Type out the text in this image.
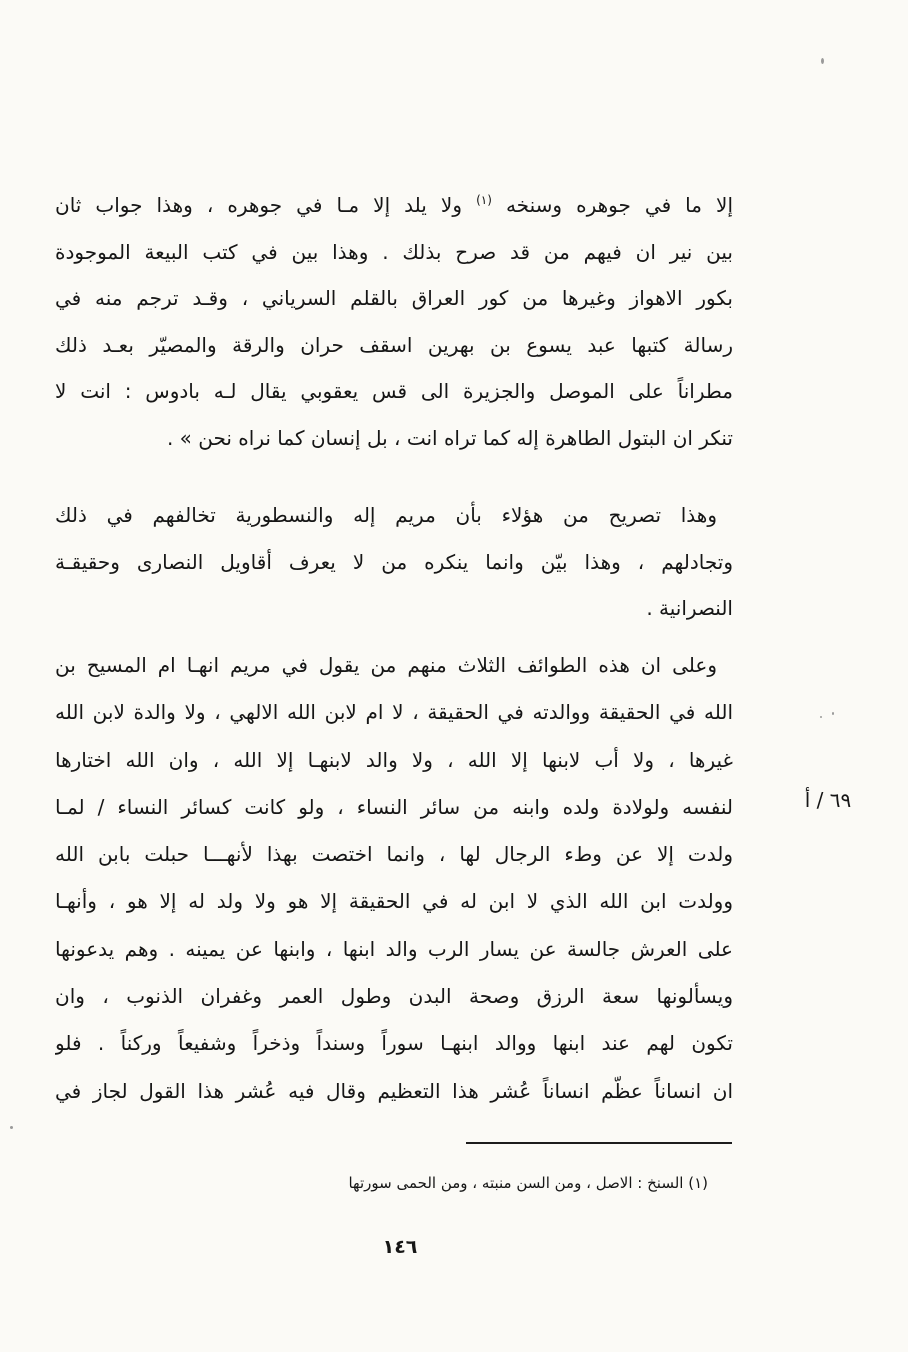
إلا ما في جوهره وسنخه $^{(١)}$ ولا يلد إلا مـا في جوهره ، وهذا جواب ثان
بين نير ان فيهم من قد صرح بذلك . وهذا بين في كتب البيعة الموجودة
بكور الاهواز وغيرها من كور العراق بالقلم السرياني ، وقـد ترجم منه في
رسالة كتبها عبد يسوع بن بهرين اسقف حران والرقة والمصيّر بعـد ذلك
مطراناً على الموصل والجزيرة الى قس يعقوبي يقال لـه بادوس : انت لا
تنكر ان البتول الطاهرة إله كما تراه انت ، بل إنسان كما نراه نحن » .
وهذا تصريح من هؤلاء بأن مريم إله والنسطورية تخالفهم في ذلك
وتجادلهم ، وهذا بيّن وانما ينكره من لا يعرف أقاويل النصارى وحقيقـة
النصرانية .
وعلى ان هذه الطوائف الثلاث منهم من يقول في مريم انهـا ام المسيح بن
الله في الحقيقة ووالدته في الحقيقة ، لا ام لابن الله الالهي ، ولا والدة لابن الله
غيرها ، ولا أب لابنها إلا الله ، ولا والد لابنهـا إلا الله ، وان الله اختارها
لنفسه ولولادة ولده وابنه من سائر النساء ، ولو كانت كسائر النساء / لمـا
ولدت إلا عن وطء الرجال لها ، وانما اختصت بهذا لأنهـــا حبلت بابن الله
وولدت ابن الله الذي لا ابن له في الحقيقة إلا هو ولا ولد له إلا هو ، وأنهـا
على العرش جالسة عن يسار الرب والد ابنها ، وابنها عن يمينه . وهم يدعونها
ويسألونها سعة الرزق وصحة البدن وطول العمر وغفران الذنوب ، وان
تكون لهم عند ابنها ووالد ابنهـا سوراً وسنداً وذخراً وشفيعاً وركناً . فلو
ان انساناً عظّم انساناً عُشر هذا التعظيم وقال فيه عُشر هذا القول لجاز في
٦٩ / أ
(١) السنخ : الاصل ، ومن السن منبته ، ومن الحمى سورتها
١٤٦
